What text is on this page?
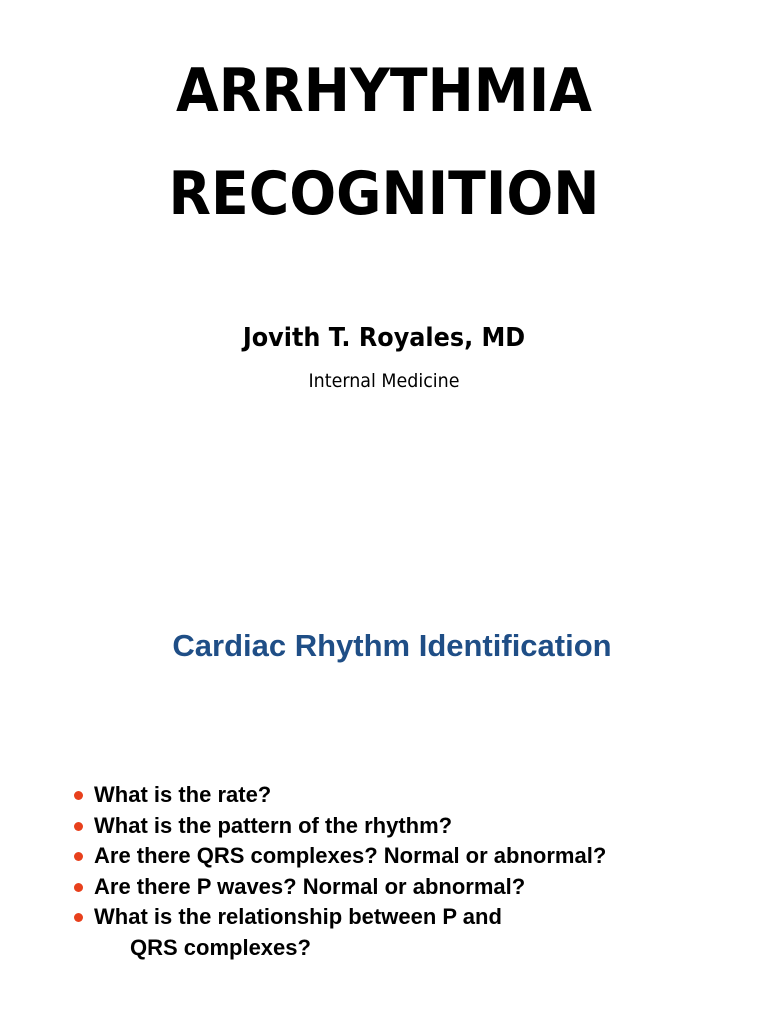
ARRHYTHMIA
RECOGNITION
Jovith T. Royales, MD
Internal Medicine
Cardiac Rhythm Identification
What is the rate?
What is the pattern of the rhythm?
Are there QRS complexes? Normal or abnormal?
Are there P waves? Normal or abnormal?
What is the relationship between P and
QRS complexes?
